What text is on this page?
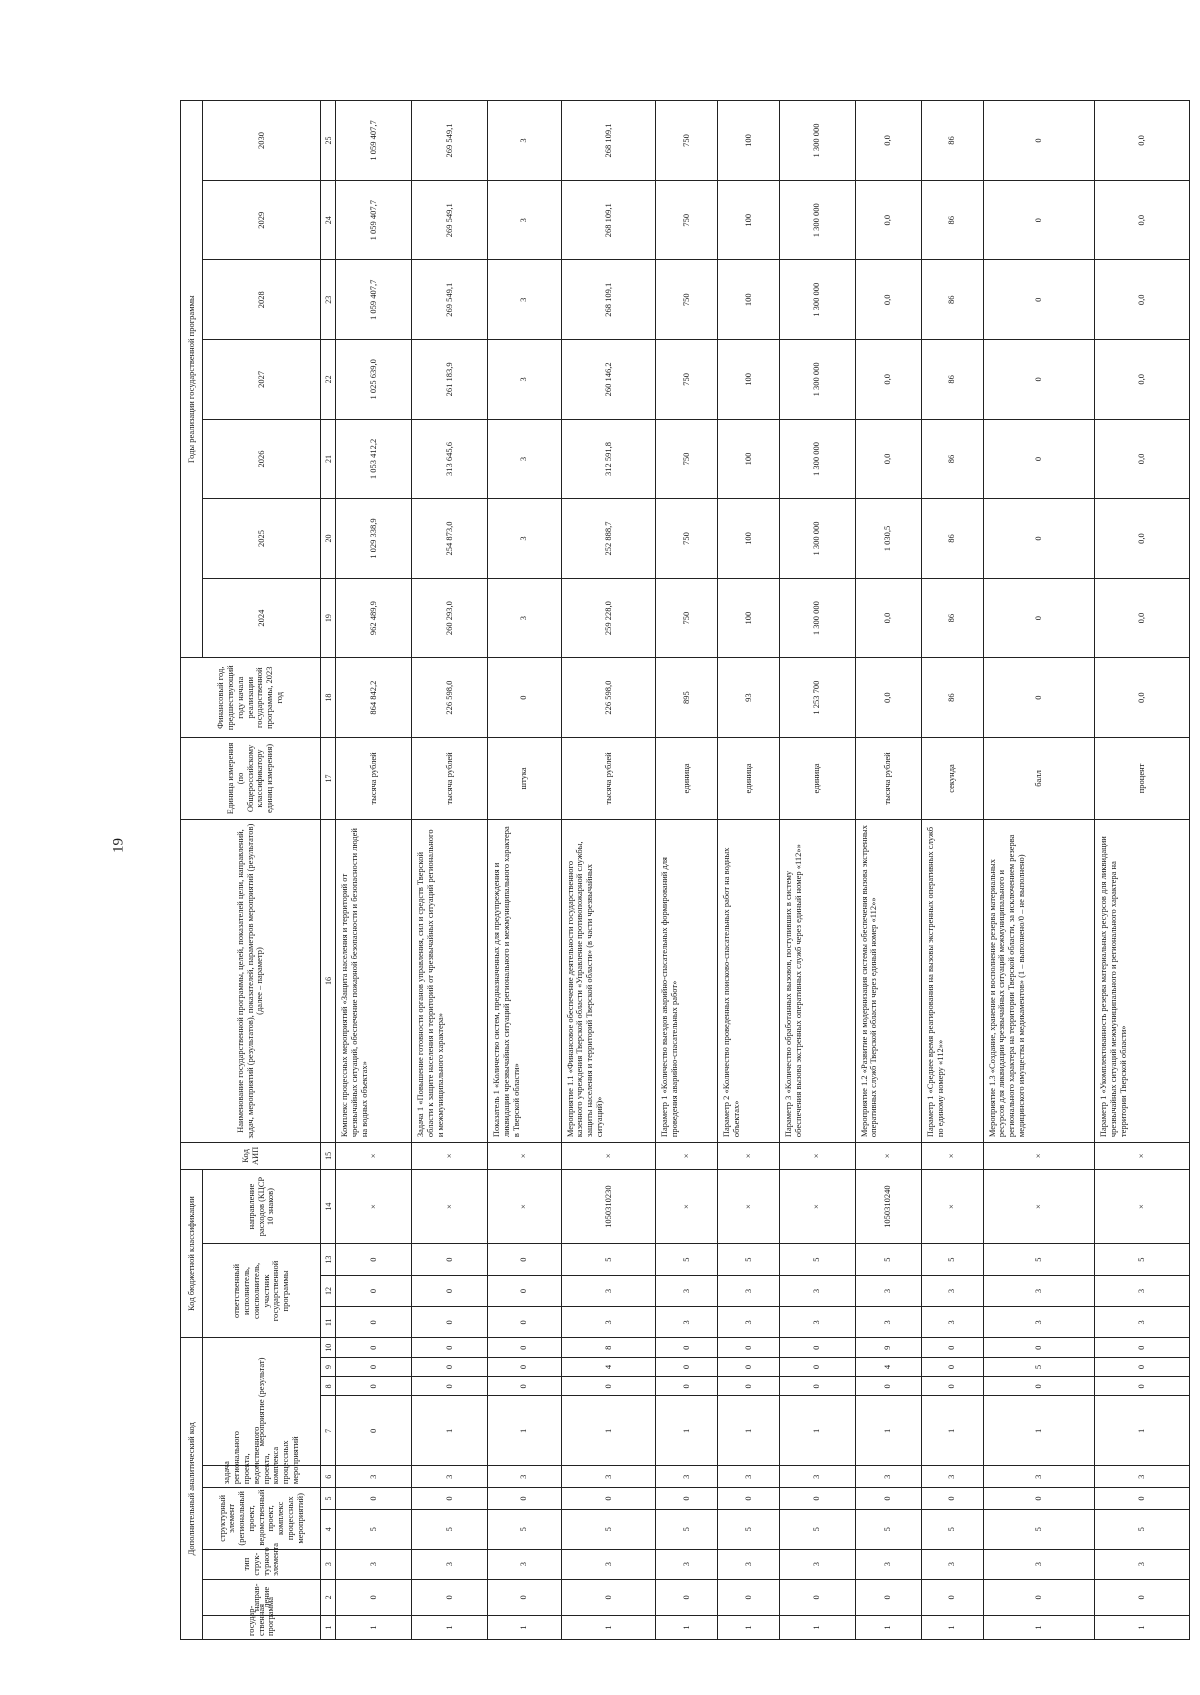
19
Дополнительный аналитический код										Код бюджетной классификации				Код АИП	Наименование государственной программы, целей, показателей цели, направлений, задач, мероприятий (результатов), показателей, параметров мероприятий (результатов) (далее – параметр)	Единица измерения (по Общероссийскому классификатору единиц измерения)	Финансовый год, предшествующий году начала реализации государственной программы, 2023 год	Годы реализации государственной программы						
государ-ственная программа	направ-ление	тип струк-турного элемента	структурный элемент (региональный проект, ведомственный проект, комплекс процессных мероприятий)		задача регионального проекта, ведомственного проекта, комплекса процессных мероприятий	мероприятие (результат)				ответственный исполнитель, соисполнитель, участник государственной программы			направление расходов (КЦСР 10 знаков)					2024	2025	2026	2027	2028	2029	2030
1	2	3	4	5	6	7	8	9	10	11	12	13	14	15	16	17	18	19	20	21	22	23	24	25
1	0	3	5	0	3	0	0	0	0	0	0	0	×	×	Комплекс процессных мероприятий «Защита населения и территорий от чрезвычайных ситуаций, обеспечение пожарной безопасности и безопасности людей на водных объектах»	тысяча рублей	864 842,2	962 489,9	1 029 338,9	1 053 412,2	1 025 639,0	1 059 407,7	1 059 407,7	1 059 407,7
1	0	3	5	0	3	1	0	0	0	0	0	0	×	×	Задача 1 «Повышение готовности органов управления, сил и средств Тверской области к защите населения и территорий от чрезвычайных ситуаций регионального и межмуниципального характера»	тысяча рублей	226 598,0	260 293,0	254 873,0	313 645,6	261 183,9	269 549,1	269 549,1	269 549,1
1	0	3	5	0	3	1	0	0	0	0	0	0	×	×	Показатель 1 «Количество систем, предназначенных для предупреждения и ликвидации чрезвычайных ситуаций регионального и межмуниципального характера в Тверской области»	штука	0	3	3	3	3	3	3	3
1	0	3	5	0	3	1	0	4	8	3	3	5	1050310230	×	Мероприятие 1.1 «Финансовое обеспечение деятельности государственного казенного учреждения Тверской области «Управление противопожарной службы, защиты населения и территорий Тверской области» (в части чрезвычайных ситуаций)»	тысяча рублей	226 598,0	259 228,0	252 888,7	312 591,8	260 146,2	268 109,1	268 109,1	268 109,1
1	0	3	5	0	3	1	0	0	0	3	3	5	×	×	Параметр 1 «Количество выездов аварийно-спасательных формирований для проведения аварийно-спасательных работ»	единица	895	750	750	750	750	750	750	750
1	0	3	5	0	3	1	0	0	0	3	3	5	×	×	Параметр 2 «Количество проведенных поисково-спасательных работ на водных объектах»	единица	93	100	100	100	100	100	100	100
1	0	3	5	0	3	1	0	0	0	3	3	5	×	×	Параметр 3 «Количество обработанных вызовов, поступивших в систему обеспечения вызова экстренных оперативных служб через единый номер «112»»	единица	1 253 700	1 300 000	1 300 000	1 300 000	1 300 000	1 300 000	1 300 000	1 300 000
1	0	3	5	0	3	1	0	4	9	3	3	5	1050310240	×	Мероприятие 1.2 «Развитие и модернизация системы обеспечения вызова экстренных оперативных служб Тверской области через единый номер «112»»	тысяча рублей	0,0	0,0	1 030,5	0,0	0,0	0,0	0,0	0,0
1	0	3	5	0	3	1	0	0	0	3	3	5	×	×	Параметр 1 «Среднее время реагирования на вызовы экстренных оперативных служб по единому номеру «112»»	секунда	86	86	86	86	86	86	86	86
1	0	3	5	0	3	1	0	5	0	3	3	5	×	×	Мероприятие 1.3 «Создание, хранение и восполнение резерва материальных ресурсов для ликвидации чрезвычайных ситуаций межмуниципального и регионального характера на территории Тверской области, за исключением резерва медицинского имущества и медикаментов» (1 – выполнено/0 – не выполнено)	балл	0	0	0	0	0	0	0	0
1	0	3	5	0	3	1	0	0	0	3	3	5	×	×	Параметр 1 «Укомплектованность резерва материальных ресурсов для ликвидации чрезвычайных ситуаций межмуниципального и регионального характера на территории Тверской области»	процент	0,0	0,0	0,0	0,0	0,0	0,0	0,0	0,0
